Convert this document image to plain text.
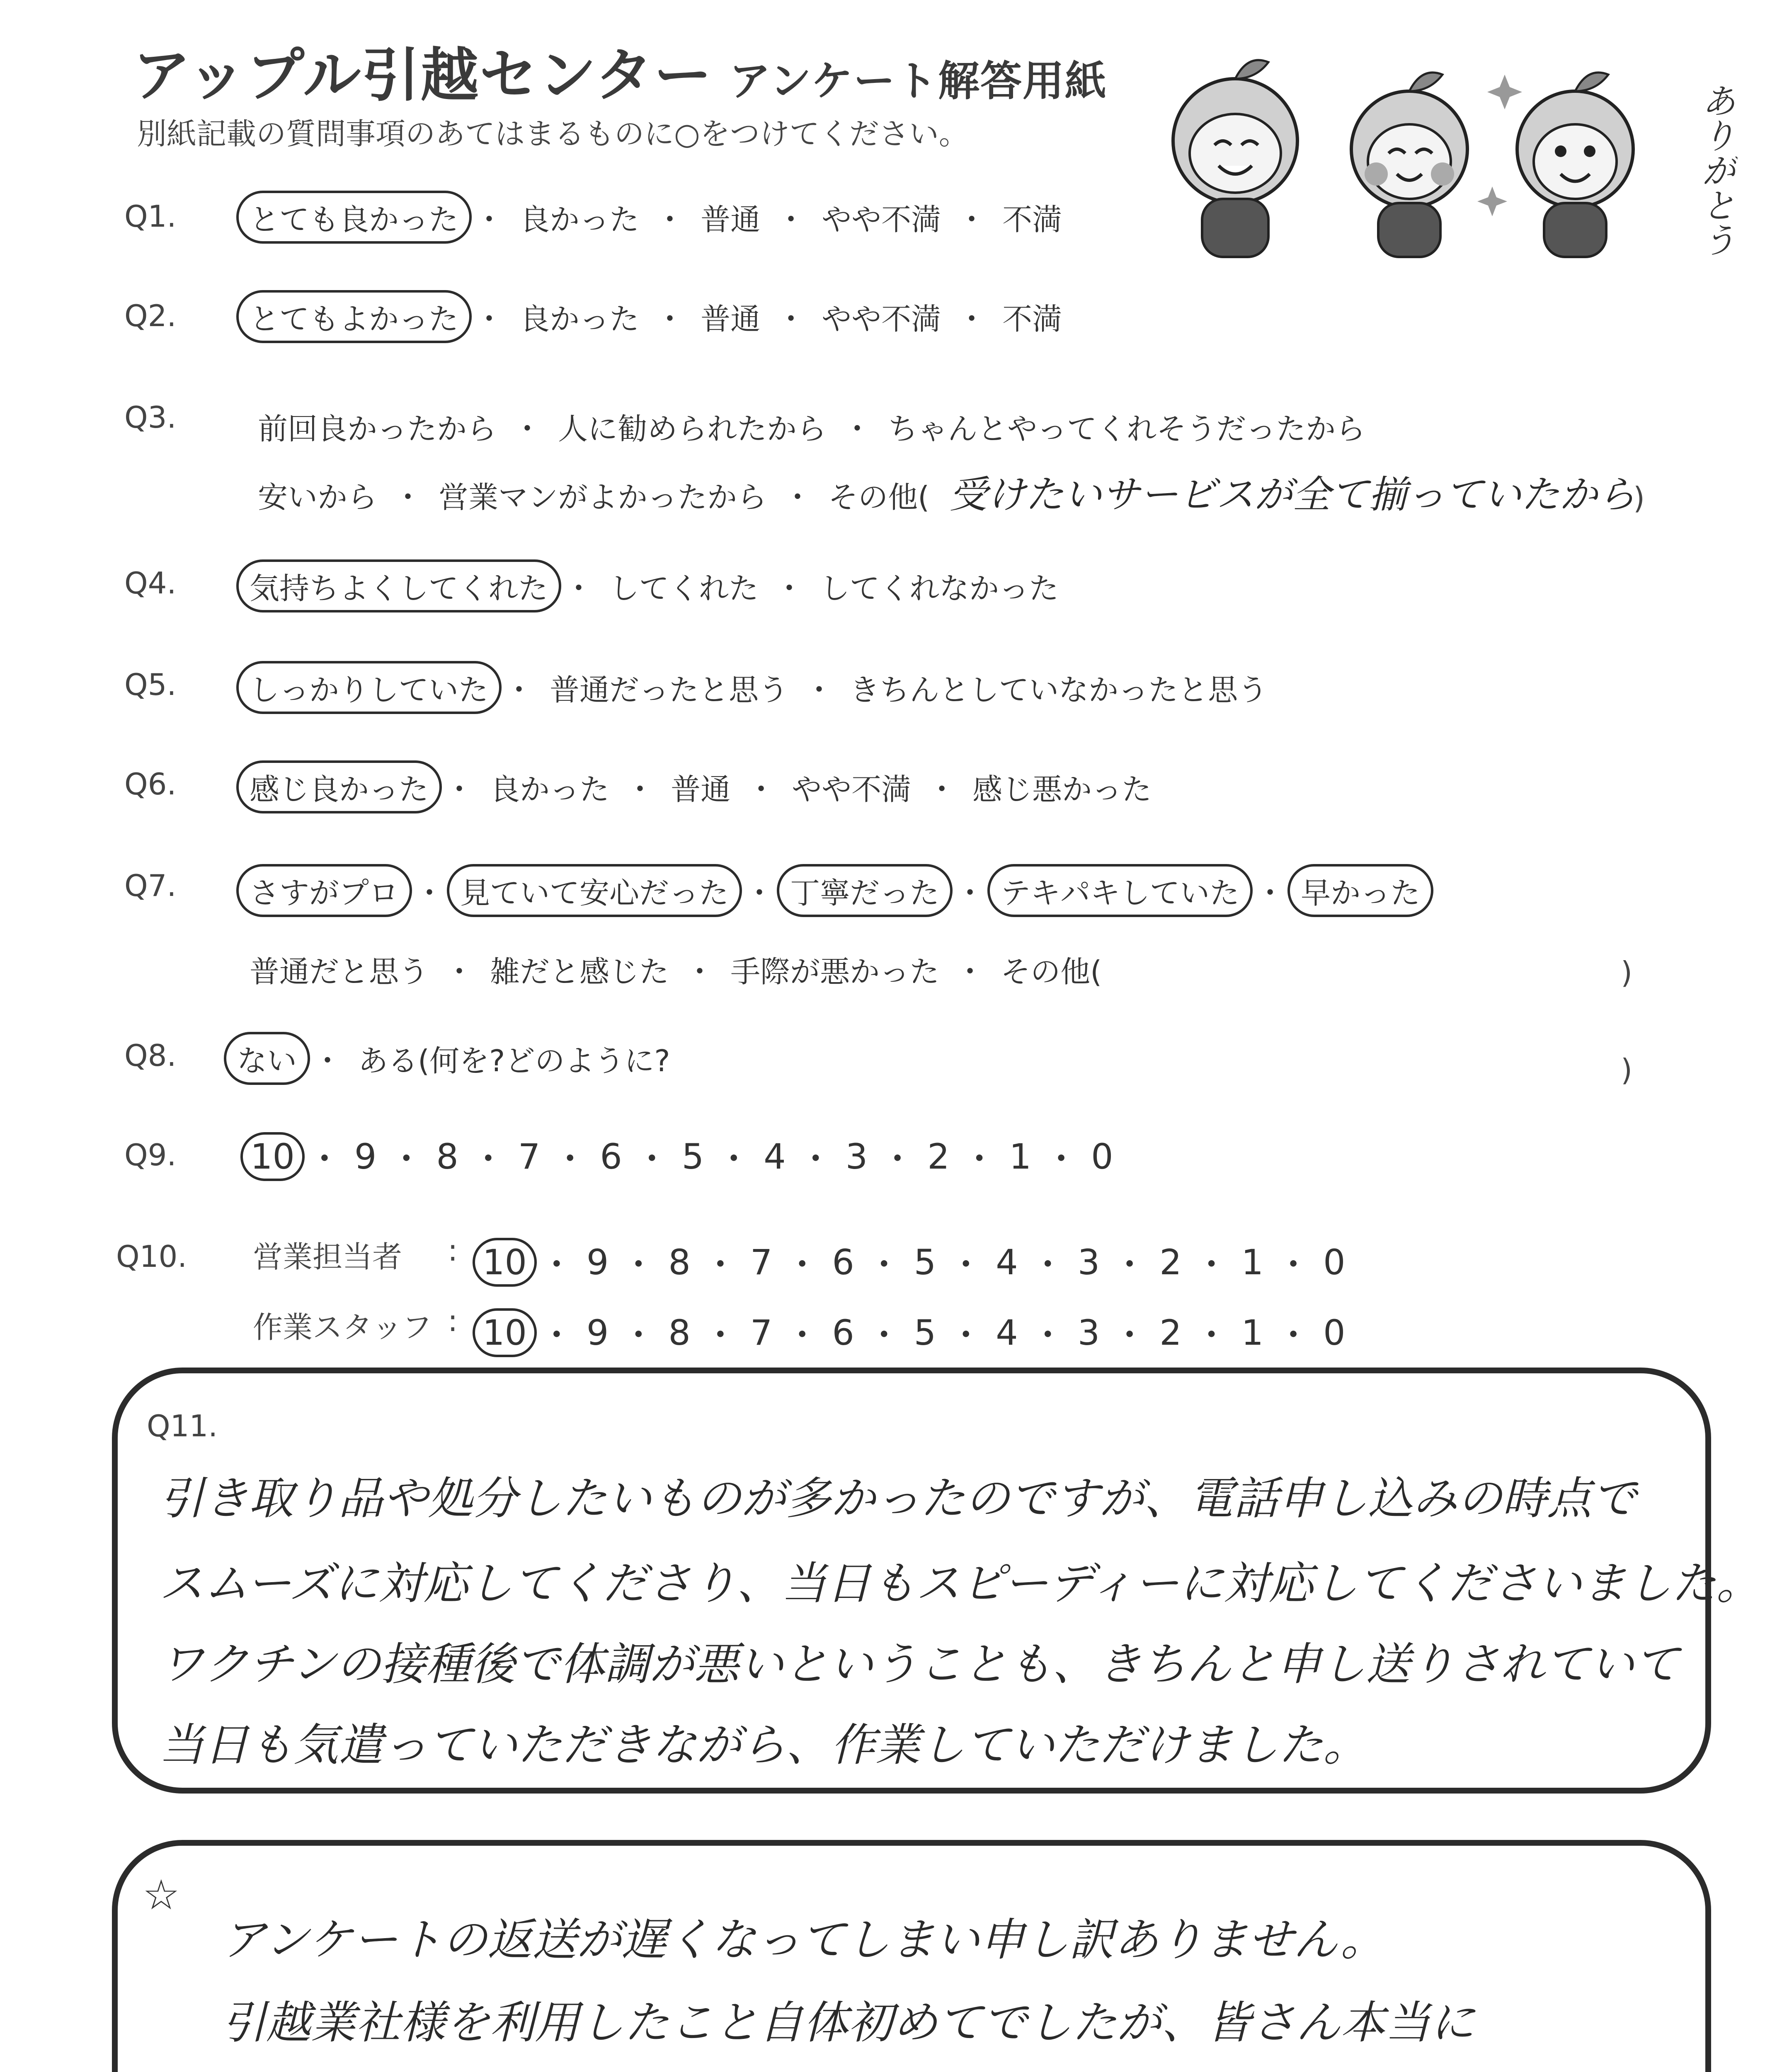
アップル引越センター アンケート解答用紙
別紙記載の質問事項のあてはまるものに○をつけてください。	ありがとう
Q1.	とても良かった ・ 良かった ・ 普通 ・ やや不満 ・ 不満
Q2.	とてもよかった ・ 良かった ・ 普通 ・ やや不満 ・ 不満
Q3.	前回良かったから ・ 人に勧められたから ・ ちゃんとやってくれそうだったから
安いから ・ 営業マンがよかったから ・ その他( 受けたいサービスが全て揃っていたから
)
Q4.	気持ちよくしてくれた ・ してくれた ・ してくれなかった
Q5.	しっかりしていた ・ 普通だったと思う ・ きちんとしていなかったと思う
Q6.	感じ良かった ・ 良かった ・ 普通 ・ やや不満 ・ 感じ悪かった
Q7.	さすがプロ ・ 見ていて安心だった ・ 丁寧だった ・ テキパキしていた ・ 早かった
普通だと思う ・ 雑だと感じた ・ 手際が悪かった ・ その他(	)
Q8.	ない ・ ある(何を?どのように?	)
Q9. 10 ・ 9 ・ 8 ・ 7 ・ 6 ・ 5 ・ 4 ・ 3 ・ 2 ・ 1 ・ 0
Q10. 営業担当者 : 10 ・ 9 ・ 8 ・ 7 ・ 6 ・ 5 ・ 4 ・ 3 ・ 2 ・ 1 ・ 0
作業スタッフ : 10 ・ 9 ・ 8 ・ 7 ・ 6 ・ 5 ・ 4 ・ 3 ・ 2 ・ 1 ・ 0
Q11.
引き取り品や処分したいものが多かったのですが、電話申し込みの時点で
スムーズに対応してくださり、当日もスピーディーに対応してくださいました。
ワクチンの接種後で体調が悪いということも、きちんと申し送りされていて
当日も気遣っていただきながら、作業していただけました。
☆
アンケートの返送が遅くなってしまい申し訳ありません。
引越業社様を利用したこと自体初めてでしたが、皆さん本当に
